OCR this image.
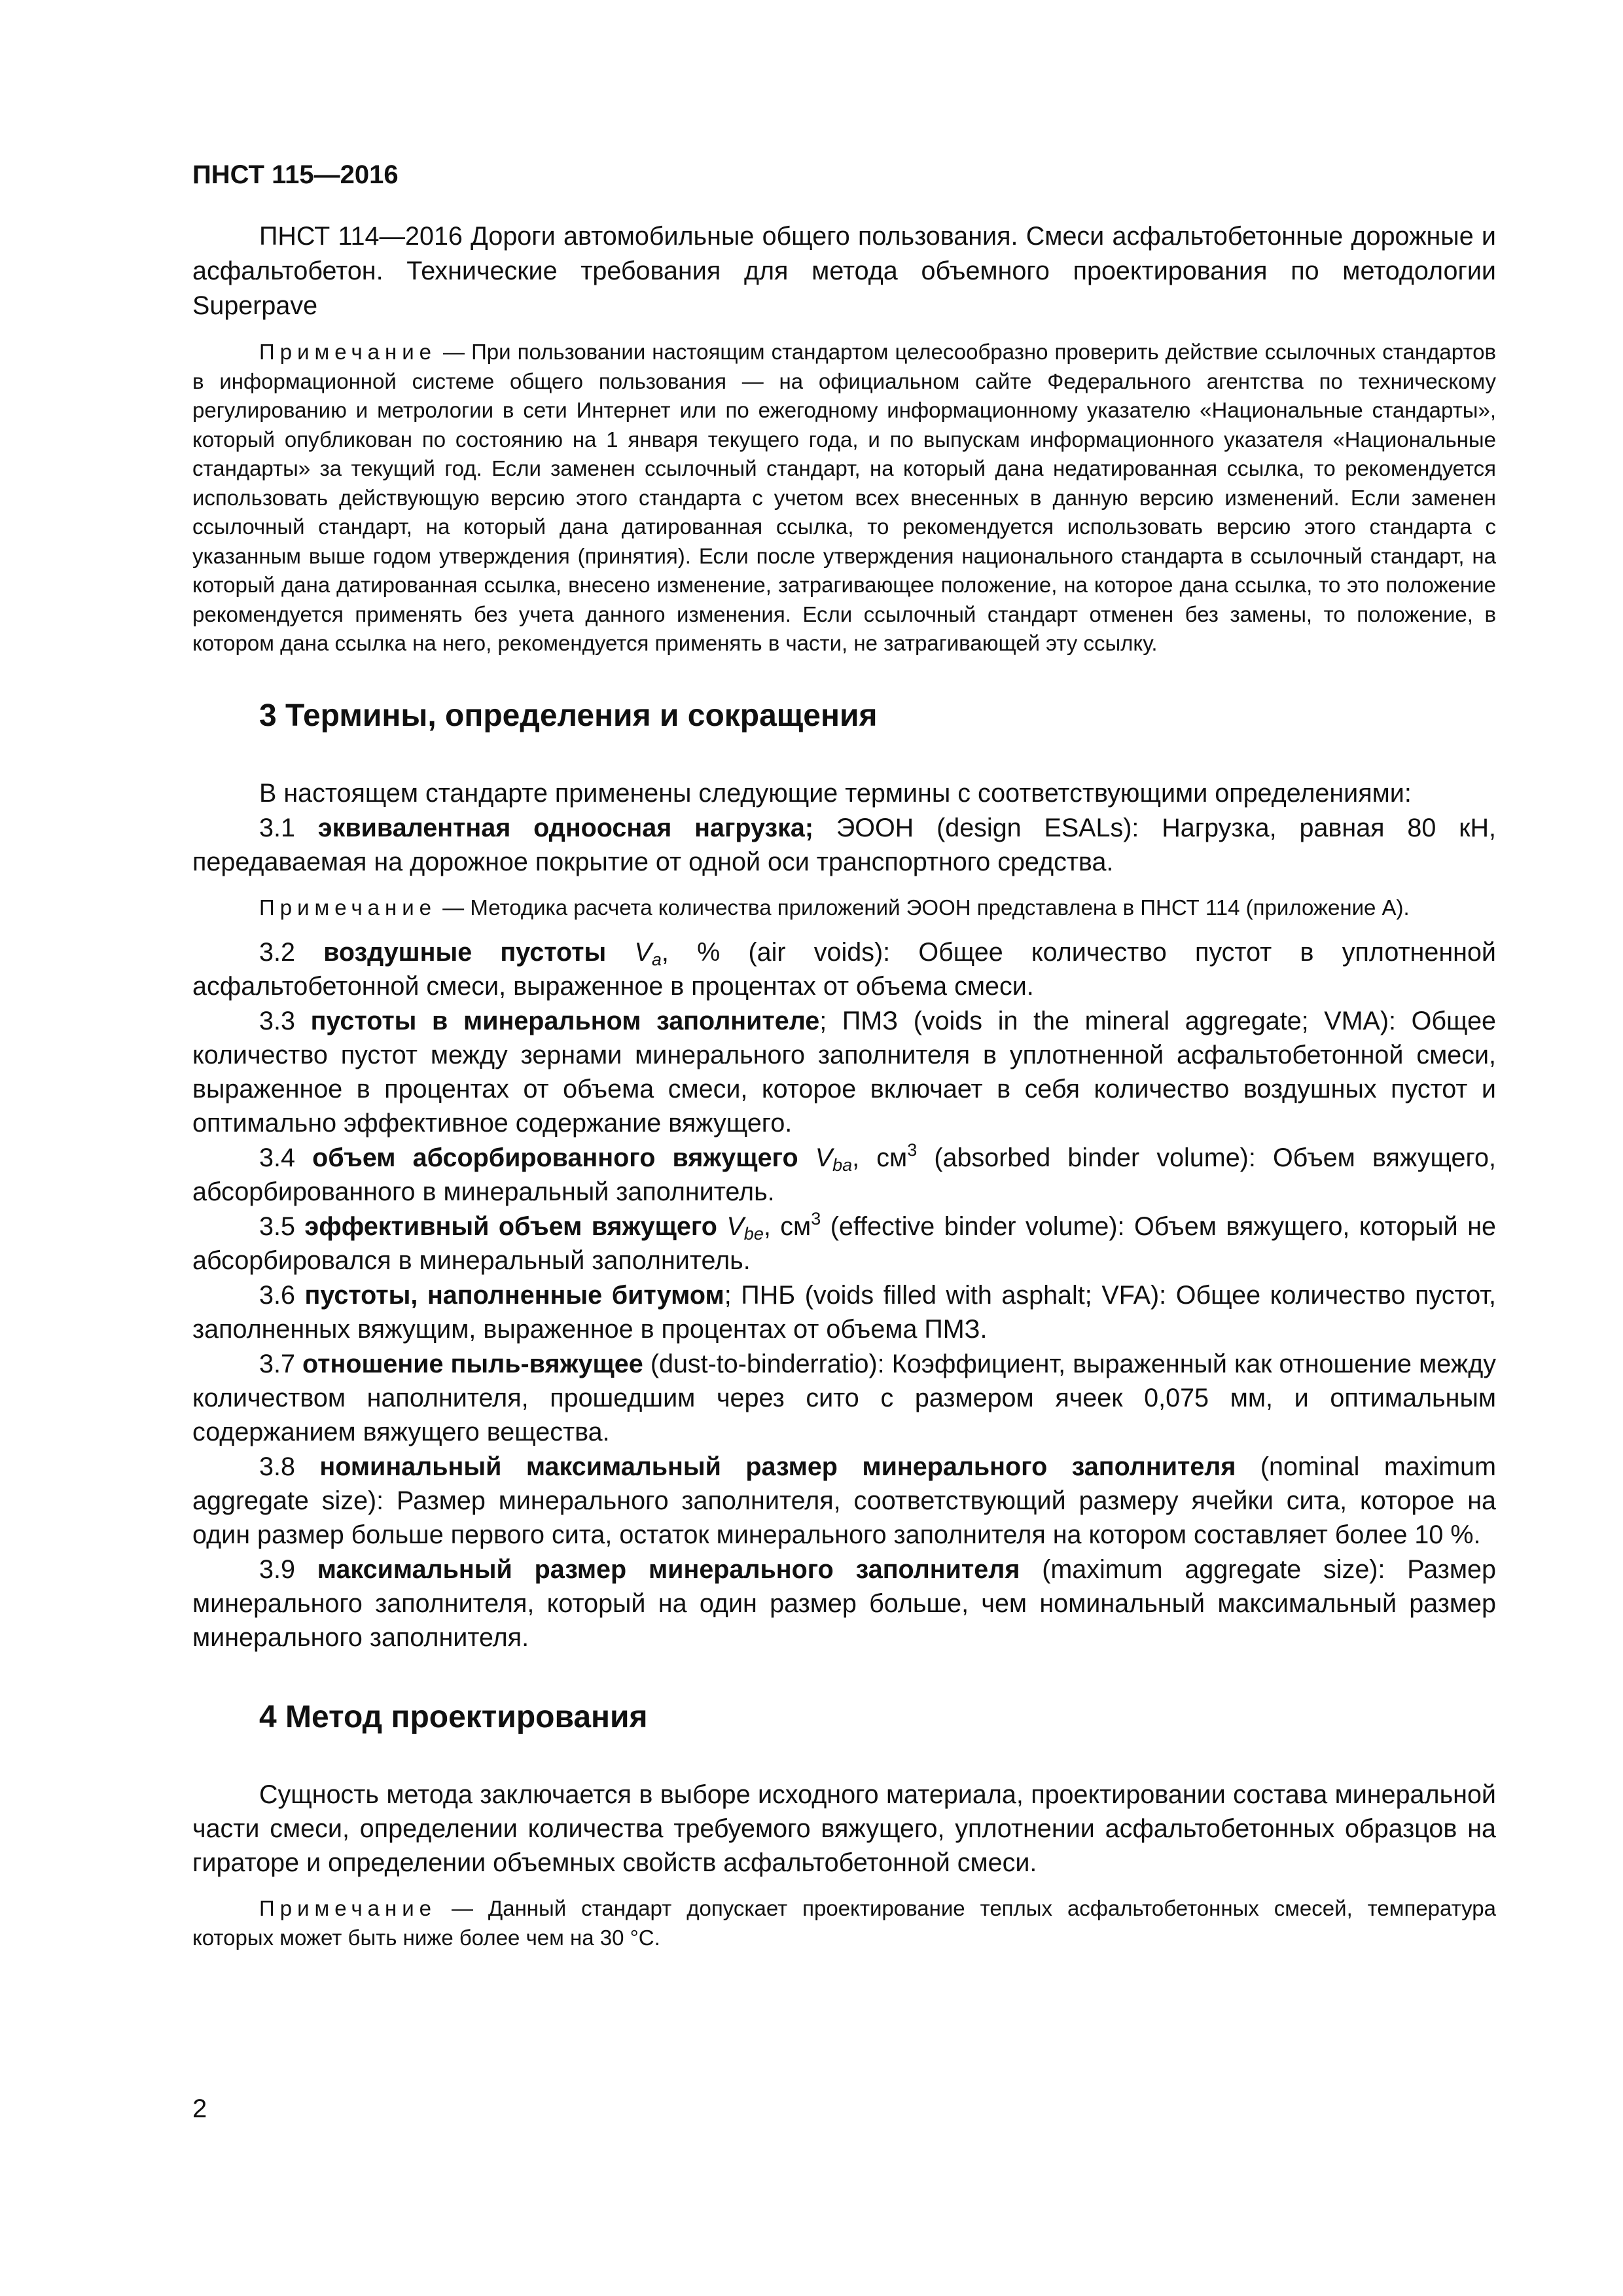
ПНСТ 115—2016

ПНСТ 114—2016 Дороги автомобильные общего пользования. Смеси асфальтобетонные дорожные и асфальтобетон. Технические требования для метода объемного проектирования по методологии Superpave

Примечание — При пользовании настоящим стандартом целесообразно проверить действие ссылочных стандартов в информационной системе общего пользования — на официальном сайте Федерального агентства по техническому регулированию и метрологии в сети Интернет или по ежегодному информационному указателю «Национальные стандарты», который опубликован по состоянию на 1 января текущего года, и по выпускам информационного указателя «Национальные стандарты» за текущий год. Если заменен ссылочный стандарт, на который дана недатированная ссылка, то рекомендуется использовать действующую версию этого стандарта с учетом всех внесенных в данную версию изменений. Если заменен ссылочный стандарт, на который дана датированная ссылка, то рекомендуется использовать версию этого стандарта с указанным выше годом утверждения (принятия). Если после утверждения национального стандарта в ссылочный стандарт, на который дана датированная ссылка, внесено изменение, затрагивающее положение, на которое дана ссылка, то это положение рекомендуется применять без учета данного изменения. Если ссылочный стандарт отменен без замены, то положение, в котором дана ссылка на него, рекомендуется применять в части, не затрагивающей эту ссылку.

3 Термины, определения и сокращения

В настоящем стандарте применены следующие термины с соответствующими определениями:

3.1 эквивалентная одноосная нагрузка; ЭООН (design ESALs): Нагрузка, равная 80 кН, передаваемая на дорожное покрытие от одной оси транспортного средства.

Примечание — Методика расчета количества приложений ЭООН представлена в ПНСТ 114 (приложение А).

3.2 воздушные пустоты $V_a$, % (air voids): Общее количество пустот в уплотненной асфальтобетонной смеси, выраженное в процентах от объема смеси.

3.3 пустоты в минеральном заполнителе; ПМЗ (voids in the mineral aggregate; VMA): Общее количество пустот между зернами минерального заполнителя в уплотненной асфальтобетонной смеси, выраженное в процентах от объема смеси, которое включает в себя количество воздушных пустот и оптимально эффективное содержание вяжущего.

3.4 объем абсорбированного вяжущего $V_{ba}$, $см^3$ (absorbed binder volume): Объем вяжущего, абсорбированного в минеральный заполнитель.

3.5 эффективный объем вяжущего $V_{be}$, $см^3$ (effective binder volume): Объем вяжущего, который не абсорбировался в минеральный заполнитель.

3.6 пустоты, наполненные битумом; ПНБ (voids filled with asphalt; VFA): Общее количество пустот, заполненных вяжущим, выраженное в процентах от объема ПМЗ.

3.7 отношение пыль-вяжущее (dust-to-binderratio): Коэффициент, выраженный как отношение между количеством наполнителя, прошедшим через сито с размером ячеек 0,075 мм, и оптимальным содержанием вяжущего вещества.

3.8 номинальный максимальный размер минерального заполнителя (nominal maximum aggregate size): Размер минерального заполнителя, соответствующий размеру ячейки сита, которое на один размер больше первого сита, остаток минерального заполнителя на котором составляет более 10 %.

3.9 максимальный размер минерального заполнителя (maximum aggregate size): Размер минерального заполнителя, который на один размер больше, чем номинальный максимальный размер минерального заполнителя.

4 Метод проектирования

Сущность метода заключается в выборе исходного материала, проектировании состава минеральной части смеси, определении количества требуемого вяжущего, уплотнении асфальтобетонных образцов на гираторе и определении объемных свойств асфальтобетонной смеси.

Примечание — Данный стандарт допускает проектирование теплых асфальтобетонных смесей, температура которых может быть ниже более чем на 30 °С.

2
